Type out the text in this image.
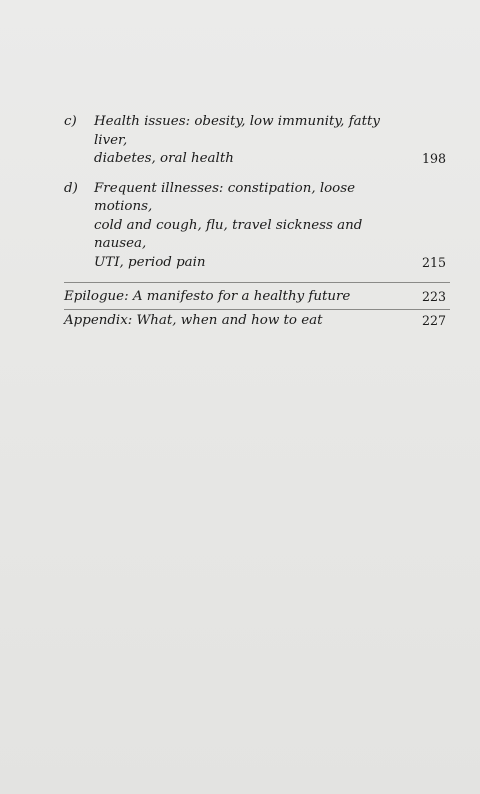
c) Health issues: obesity, low immunity, fatty liver,
diabetes, oral health	198
d) Frequent illnesses: constipation, loose motions,
cold and cough, flu, travel sickness and nausea,
UTI, period pain	215
Epilogue: A manifesto for a healthy future	223
Appendix: What, when and how to eat	227
